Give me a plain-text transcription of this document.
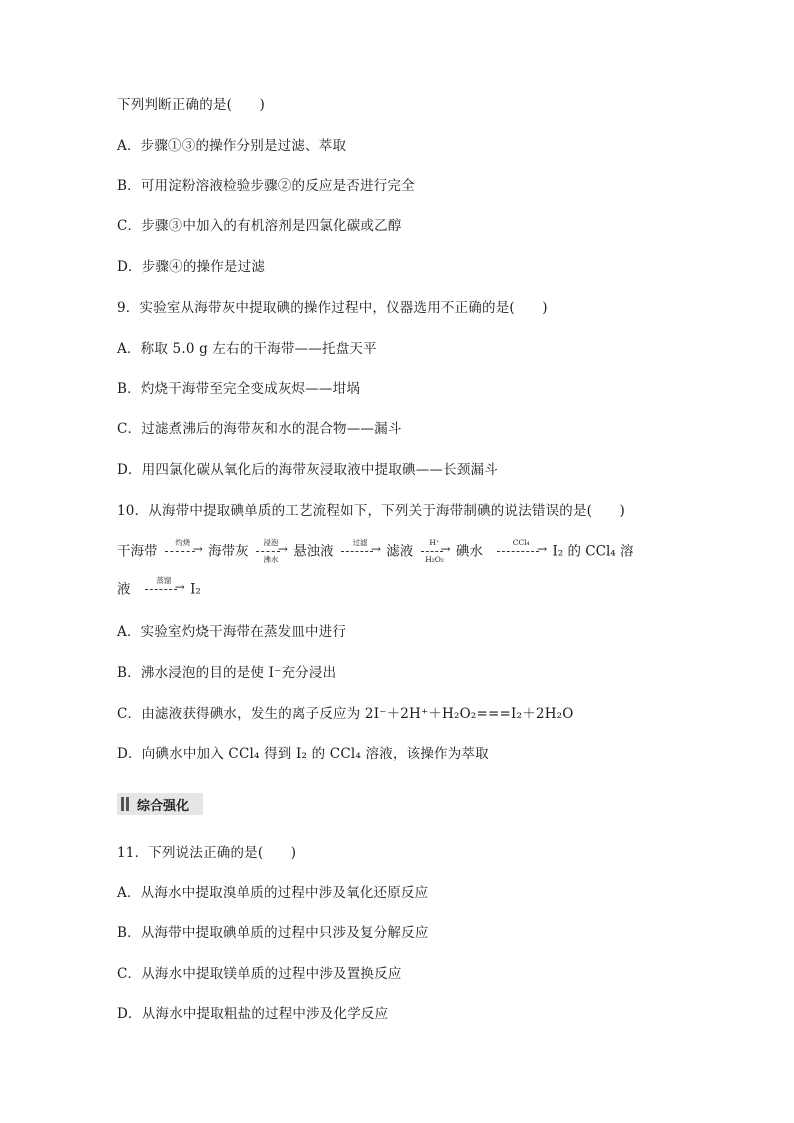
下列判断正确的是(　　)
A．步骤①③的操作分别是过滤、萃取
B．可用淀粉溶液检验步骤②的反应是否进行完全
C．步骤③中加入的有机溶剂是四氯化碳或乙醇
D．步骤④的操作是过滤
9．实验室从海带灰中提取碘的操作过程中，仪器选用不正确的是(　　)
A．称取 5.0 g 左右的干海带——托盘天平
B．灼烧干海带至完全变成灰烬——坩埚
C．过滤煮沸后的海带灰和水的混合物——漏斗
D．用四氯化碳从氧化后的海带灰浸取液中提取碘——长颈漏斗
10．从海带中提取碘单质的工艺流程如下，下列关于海带制碘的说法错误的是(　　)
干海带
灼烧
→
海带灰
浸泡
→
沸水	悬浊液
过滤
→
滤液
H⁺
→
H₂O₂ 碘水
CCl₄
→
I₂ 的 CCl₄ 溶
液
蒸馏
→
I₂
A．实验室灼烧干海带在蒸发皿中进行
B．沸水浸泡的目的是使 I⁻充分浸出
C．由滤液获得碘水，发生的离子反应为 2I⁻＋2H⁺＋H₂O₂===I₂＋2H₂O
D．向碘水中加入 CCl₄ 得到 I₂ 的 CCl₄ 溶液，该操作为萃取
综合强化
11．下列说法正确的是(　　)
A．从海水中提取溴单质的过程中涉及氧化还原反应
B．从海带中提取碘单质的过程中只涉及复分解反应
C．从海水中提取镁单质的过程中涉及置换反应
D．从海水中提取粗盐的过程中涉及化学反应
